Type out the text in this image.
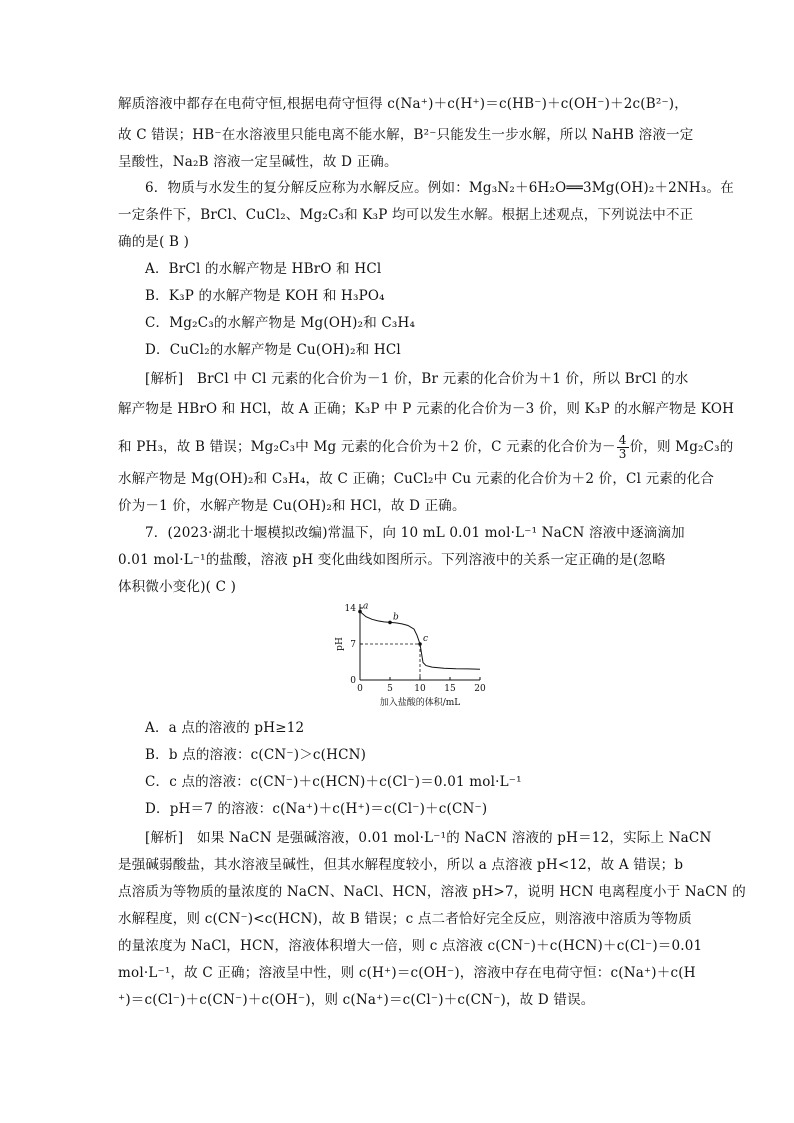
解质溶液中都存在电荷守恒,根据电荷守恒得 c(Na⁺)＋c(H⁺)＝c(HB⁻)＋c(OH⁻)＋2c(B²⁻)，
故 C 错误；HB⁻在水溶液里只能电离不能水解，B²⁻只能发生一步水解，所以 NaHB 溶液一定
呈酸性，Na₂B 溶液一定呈碱性，故 D 正确。
6．物质与水发生的复分解反应称为水解反应。例如：Mg₃N₂＋6H₂O══3Mg(OH)₂＋2NH₃。在
一定条件下，BrCl、CuCl₂、Mg₂C₃和 K₃P 均可以发生水解。根据上述观点，下列说法中不正
确的是( B )
A．BrCl 的水解产物是 HBrO 和 HCl
B．K₃P 的水解产物是 KOH 和 H₃PO₄
C．Mg₂C₃的水解产物是 Mg(OH)₂和 C₃H₄
D．CuCl₂的水解产物是 Cu(OH)₂和 HCl
[解析]　BrCl 中 Cl 元素的化合价为－1 价，Br 元素的化合价为＋1 价，所以 BrCl 的水
解产物是 HBrO 和 HCl，故 A 正确；K₃P 中 P 元素的化合价为－3 价，则 K₃P 的水解产物是 KOH
和 PH₃，故 B 错误；Mg₂C₃中 Mg 元素的化合价为＋2 价，C 元素的化合价为－ $\frac{4}{3}$ 价，则 Mg₂C₃的
水解产物是 Mg(OH)₂和 C₃H₄，故 C 正确；CuCl₂中 Cu 元素的化合价为＋2 价，Cl 元素的化合
价为－1 价，水解产物是 Cu(OH)₂和 HCl，故 D 正确。
7．(2023·湖北十堰模拟改编)常温下，向 10 mL 0.01 mol·L⁻¹ NaCN 溶液中逐滴滴加
0.01 mol·L⁻¹的盐酸，溶液 pH 变化曲线如图所示。下列溶液中的关系一定正确的是(忽略
体积微小变化)( C )
0	5 10 15 20
14
7
0
pH
加入盐酸的体积/mL
a
b
c
A．a 点的溶液的 pH≥12
B．b 点的溶液：c(CN⁻)＞c(HCN)
C．c 点的溶液：c(CN⁻)＋c(HCN)＋c(Cl⁻)＝0.01 mol·L⁻¹
D．pH＝7 的溶液：c(Na⁺)＋c(H⁺)＝c(Cl⁻)＋c(CN⁻)
[解析]　如果 NaCN 是强碱溶液，0.01 mol·L⁻¹的 NaCN 溶液的 pH＝12，实际上 NaCN
是强碱弱酸盐，其水溶液呈碱性，但其水解程度较小，所以 a 点溶液 pH<12，故 A 错误；b
点溶质为等物质的量浓度的 NaCN、NaCl、HCN，溶液 pH>7，说明 HCN 电离程度小于 NaCN 的
水解程度，则 c(CN⁻)<c(HCN)，故 B 错误；c 点二者恰好完全反应，则溶液中溶质为等物质
的量浓度为 NaCl，HCN，溶液体积增大一倍，则 c 点溶液 c(CN⁻)＋c(HCN)＋c(Cl⁻)＝0.01
mol·L⁻¹，故 C 正确；溶液呈中性，则 c(H⁺)＝c(OH⁻)，溶液中存在电荷守恒：c(Na⁺)＋c(H
⁺)＝c(Cl⁻)＋c(CN⁻)＋c(OH⁻)，则 c(Na⁺)＝c(Cl⁻)＋c(CN⁻)，故 D 错误。
